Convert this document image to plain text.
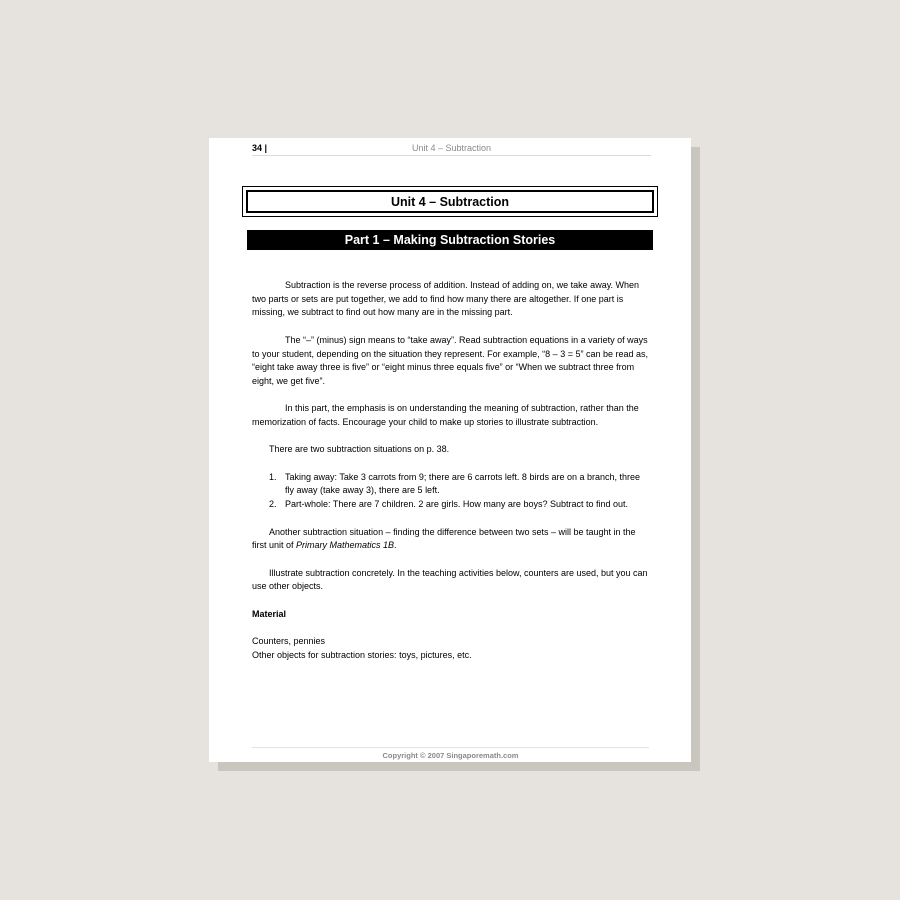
34 |	Unit 4 – Subtraction
Unit 4 – Subtraction
Part 1 – Making Subtraction Stories

Subtraction is the reverse process of addition. Instead of adding on, we take away. When two parts or sets are put together, we add to find how many there are altogether. If one part is missing, we subtract to find out how many are in the missing part.

The “–” (minus) sign means to “take away”. Read subtraction equations in a variety of ways to your student, depending on the situation they represent. For example, “8 – 3 = 5” can be read as, “eight take away three is five” or “eight minus three equals five” or “When we subtract three from eight, we get five”.

In this part, the emphasis is on understanding the meaning of subtraction, rather than the memorization of facts. Encourage your child to make up stories to illustrate subtraction.

There are two subtraction situations on p. 38.

1. Taking away: Take 3 carrots from 9; there are 6 carrots left. 8 birds are on a branch, three fly away (take away 3), there are 5 left.
2. Part-whole: There are 7 children. 2 are girls. How many are boys? Subtract to find out.

Another subtraction situation – finding the difference between two sets – will be taught in the first unit of Primary Mathematics 1B.

Illustrate subtraction concretely. In the teaching activities below, counters are used, but you can use other objects.

Material

Counters, pennies
Other objects for subtraction stories: toys, pictures, etc.
Copyright © 2007 Singaporemath.com
